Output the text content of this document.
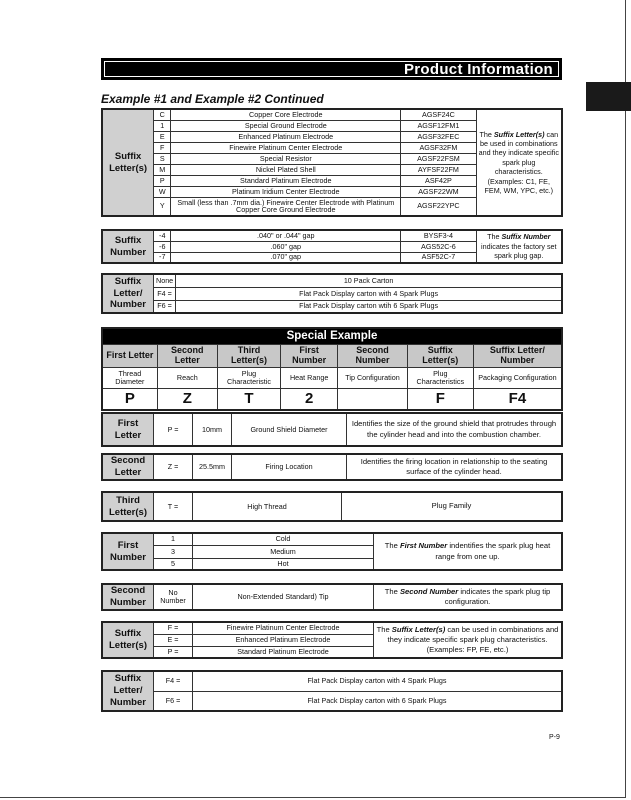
Product Information
Example #1 and Example #2 Continued
Suffix Letter(s)	C	Copper Core Electrode	AGSF24C	The Suffix Letter(s) can be used in combinations and they indicate specific spark plug characteristics. (Examples: C1, FE, FEM, WM, YPC, etc.)
	1	Special Ground Electrode	AGSF12FM1	
	E	Enhanced Platinum Electrode	AGSF32FEC	
	F	Finewire Platinum Center Electrode	AGSF32FM	
	S	Special Resistor	AGSF22FSM	
	M	Nickel Plated Shell	AYFSF22FM	
	P	Standard Platinum Electrode	ASF42P	
	W	Platinum Iridium Center Electrode	AGSF22WM	
	Y	Small (less than .7mm dia.) Finewire Center Electrode with Platinum Copper Core Ground Electrode	AGSF22YPC	
Suffix Number	-4	.040" or .044" gap	BYSF3-4	The Suffix Number indicates the factory set spark plug gap.
	-6	.060" gap	AGS52C-6	
	-7	.070" gap	ASF52C-7	
Suffix Letter/ Number	None	10 Pack Carton
	F4 =	Flat Pack Display carton with 4 Spark Plugs
	F6 =	Flat Pack Display carton wtih 6 Spark Plugs
Special Example						
First Letter	Second Letter	Third Letter(s)	First Number	Second Number	Suffix Letter(s)	Suffix Letter/ Number
Thread Diameter	Reach	Plug Characteristic	Heat Range	Tip Configuration	Plug Characteristics	Packaging Configuration
P	Z	T	2		F	F4
First Letter	P =	10mm	Ground Shield Diameter	Identifies the size of the ground shield that protrudes through the cylinder head and into the combustion chamber.
Second Letter	Z =	25.5mm	Firing Location	Identifies the firing location in relationship to the seating surface of the cylinder head.
Third Letter(s)	T =	High Thread	Plug Family
First Number	1	Cold	The First Number indentifies the spark plug heat range from one up.
	3	Medium	
	5	Hot	
Second Number	No Number	Non-Extended Standard) Tip	The Second Number indicates the spark plug tip configuration.
Suffix Letter(s)	F =	Finewire Platinum Center Electrode	The Suffix Letter(s) can be used in combinations and they indicate specific spark plug characteristics. (Examples: FP, FE, etc.)
	E =	Enhanced Platinum Electrode	
	P =	Standard Platinum Electrode	
Suffix Letter/ Number	F4 =	Flat Pack Display carton with 4 Spark Plugs
	F6 =	Flat Pack Display carton with 6 Spark Plugs
P-9
